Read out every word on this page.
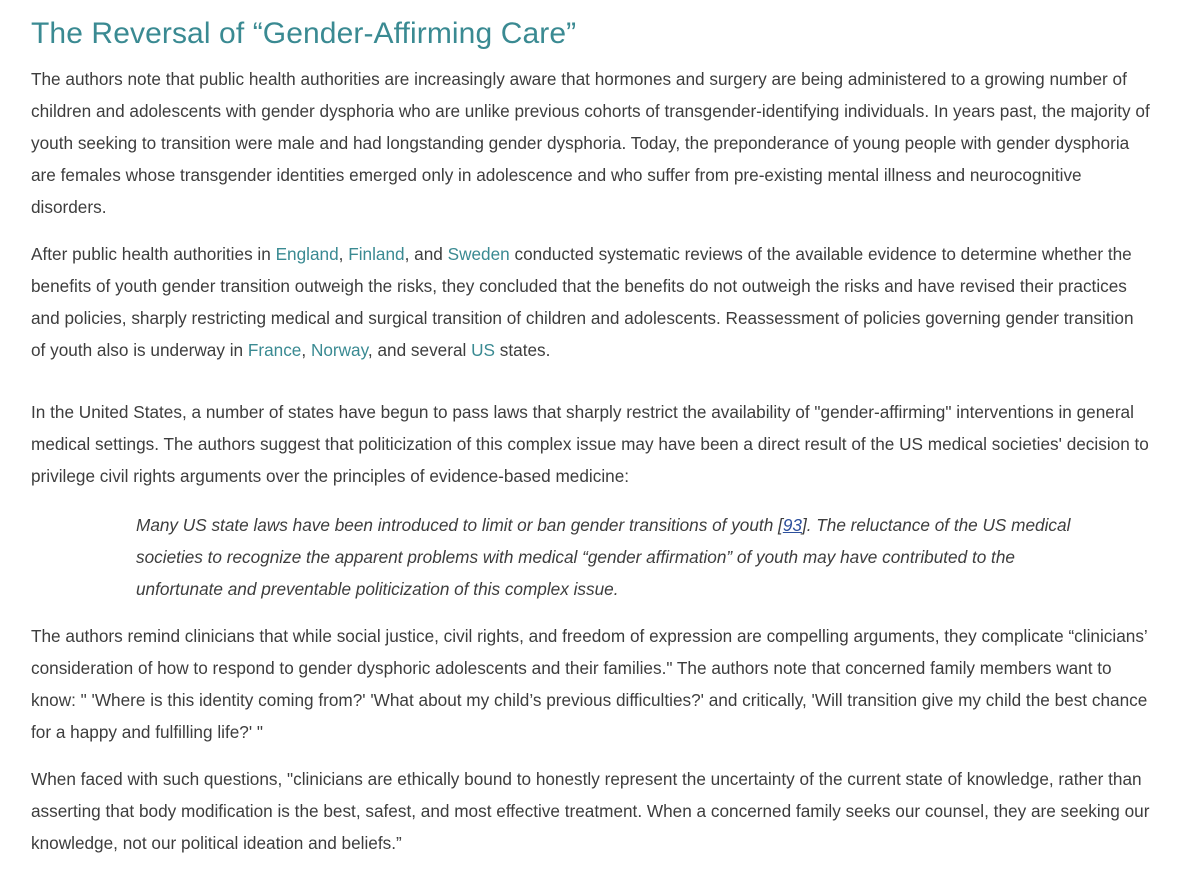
The Reversal of “Gender-Affirming Care”

The authors note that public health authorities are increasingly aware that hormones and surgery are being administered to a growing number of children and adolescents with gender dysphoria who are unlike previous cohorts of transgender-identifying individuals. In years past, the majority of youth seeking to transition were male and had longstanding gender dysphoria. Today, the preponderance of young people with gender dysphoria are females whose transgender identities emerged only in adolescence and who suffer from pre-existing mental illness and neurocognitive disorders.

After public health authorities in England, Finland, and Sweden conducted systematic reviews of the available evidence to determine whether the benefits of youth gender transition outweigh the risks, they concluded that the benefits do not outweigh the risks and have revised their practices and policies, sharply restricting medical and surgical transition of children and adolescents. Reassessment of policies governing gender transition of youth also is underway in France, Norway, and several US states.

In the United States, a number of states have begun to pass laws that sharply restrict the availability of "gender-affirming" interventions in general medical settings. The authors suggest that politicization of this complex issue may have been a direct result of the US medical societies' decision to privilege civil rights arguments over the principles of evidence-based medicine:

Many US state laws have been introduced to limit or ban gender transitions of youth [93]. The reluctance of the US medical societies to recognize the apparent problems with medical “gender affirmation” of youth may have contributed to the unfortunate and preventable politicization of this complex issue.

The authors remind clinicians that while social justice, civil rights, and freedom of expression are compelling arguments, they complicate “clinicians’ consideration of how to respond to gender dysphoric adolescents and their families." The authors note that concerned family members want to know: " 'Where is this identity coming from?' 'What about my child’s previous difficulties?' and critically, 'Will transition give my child the best chance for a happy and fulfilling life?' "

When faced with such questions, "clinicians are ethically bound to honestly represent the uncertainty of the current state of knowledge, rather than asserting that body modification is the best, safest, and most effective treatment. When a concerned family seeks our counsel, they are seeking our knowledge, not our political ideation and beliefs.”
